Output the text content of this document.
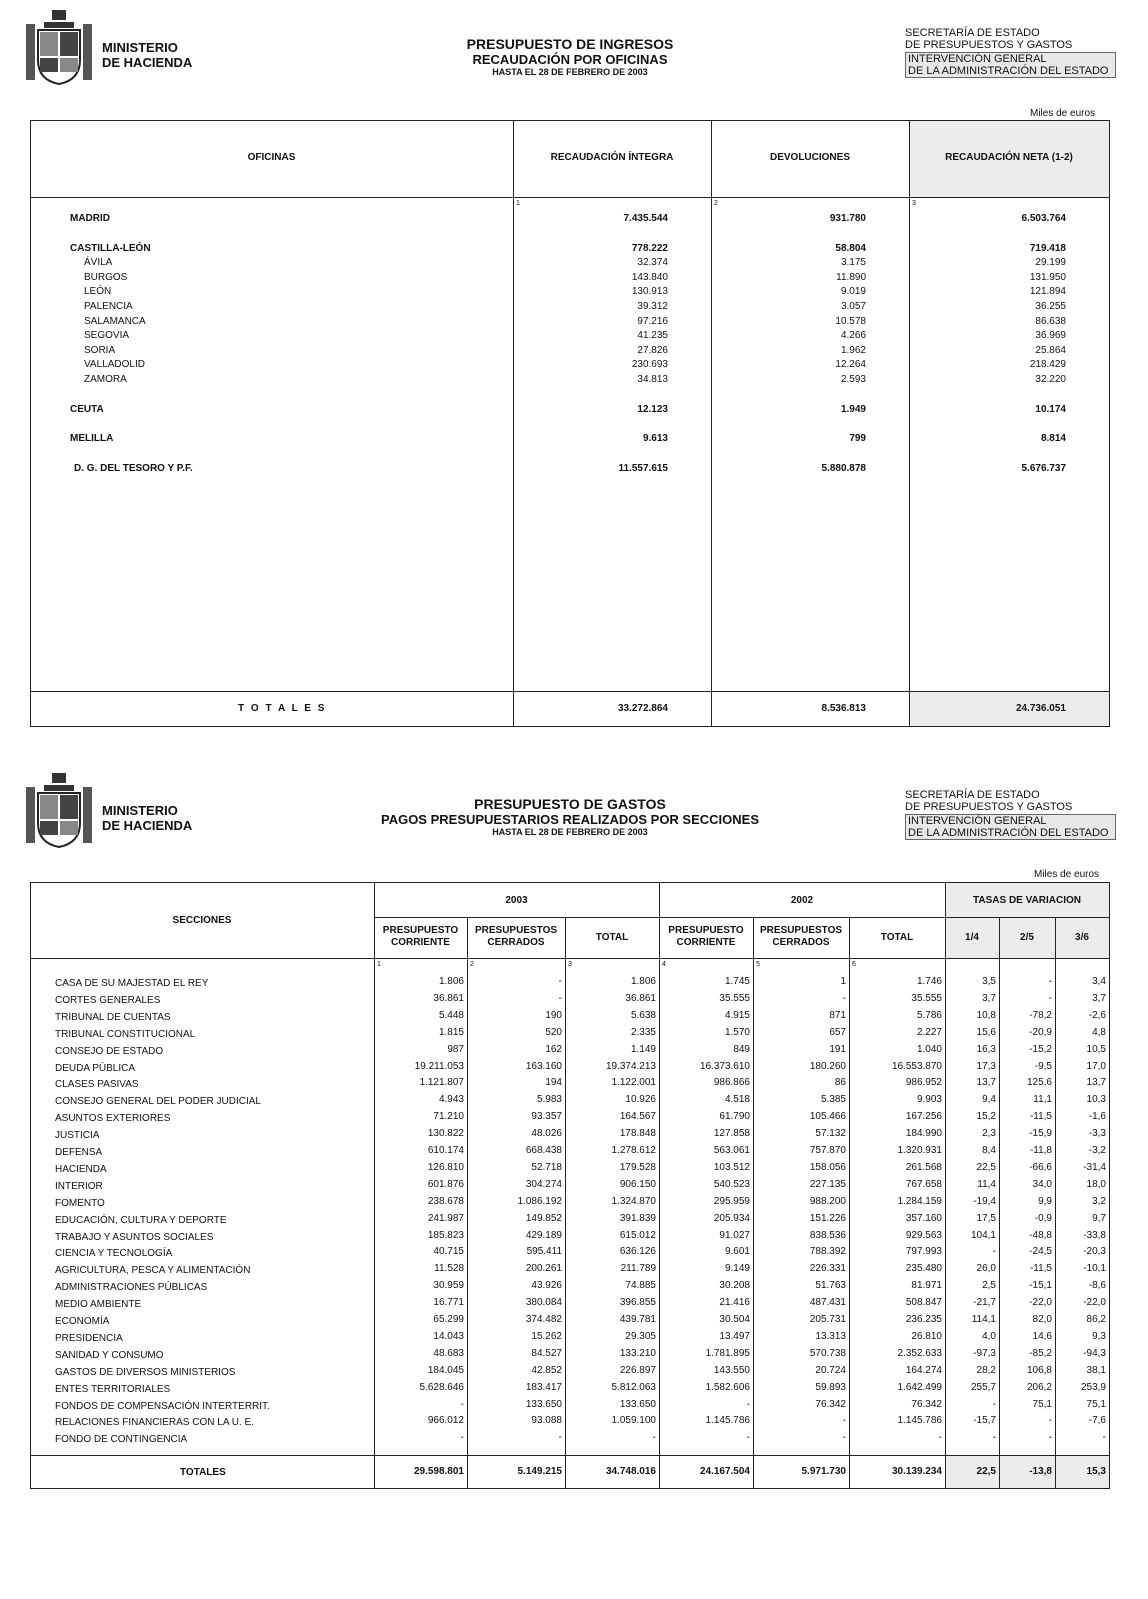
MINISTERIO
DE HACIENDA
PRESUPUESTO DE INGRESOS
RECAUDACIÓN POR OFICINAS
HASTA EL 28 DE FEBRERO DE 2003
SECRETARÍA DE ESTADO
DE PRESUPUESTOS Y GASTOS
INTERVENCIÓN GENERAL
DE LA ADMINISTRACIÓN DEL ESTADO
Miles de euros
OFICINAS	RECAUDACIÓN ÍNTEGRA	DEVOLUCIONES	RECAUDACIÓN NETA (1-2)
1	2	3
MADRID	7.435.544	931.780	6.503.764
CASTILLA-LEÓN	778.222	58.804	719.418
ÁVILA	32.374	3.175	29.199
BURGOS	143.840	11.890	131.950
LEÓN	130.913	9.019	121.894
PALENCIA	39.312	3.057	36.255
SALAMANCA	97.216	10.578	86.638
SEGOVIA	41.235	4.266	36.969
SORIA	27.826	1.962	25.864
VALLADOLID	230.693	12.264	218.429
ZAMORA	34.813	2.593	32.220
CEUTA	12.123	1.949	10.174
MELILLA	9.613	799	8.814
D. G. DEL TESORO Y P.F.	11.557.615	5.880.878	5.676.737
T O T A L E S	33.272.864	8.536.813	24.736.051
MINISTERIO
DE HACIENDA
PRESUPUESTO DE GASTOS
PAGOS PRESUPUESTARIOS REALIZADOS POR SECCIONES
HASTA EL 28 DE FEBRERO DE 2003
SECRETARÍA DE ESTADO
DE PRESUPUESTOS Y GASTOS
INTERVENCIÓN GENERAL
DE LA ADMINISTRACIÓN DEL ESTADO
Miles de euros
SECCIONES
2003	2002	TASAS DE VARIACION
PRESUPUESTO
CORRIENTE
PRESUPUESTOS
CERRADOS	TOTAL
PRESUPUESTO
CORRIENTE
PRESUPUESTOS
CERRADOS	TOTAL	1/4	2/5	3/6
1	2	3	4	5	6
CASA DE SU MAJESTAD EL REY	1.806	-	1.806	1.745	1	1.746	3,5	-	3,4
CORTES GENERALES	36.861	-	36.861	35.555	-	35.555	3,7	-	3,7
TRIBUNAL DE CUENTAS	5.448	190	5.638	4.915	871	5.786	10,8	-78,2	-2,6
TRIBUNAL CONSTITUCIONAL	1.815	520	2.335	1.570	657	2.227	15,6	-20,9	4,8
CONSEJO DE ESTADO	987	162	1.149	849	191	1.040	16,3	-15,2	10,5
DEUDA PÚBLICA	19.211.053	163.160	19.374.213	16.373.610	180.260	16.553.870	17,3	-9,5	17,0
CLASES PASIVAS	1.121.807	194	1.122.001	986.866	86	986.952	13,7	125,6	13,7
CONSEJO GENERAL DEL PODER JUDICIAL	4.943	5.983	10.926	4.518	5.385	9.903	9,4	11,1	10,3
ASUNTOS EXTERIORES	71.210	93.357	164.567	61.790	105.466	167.256	15,2	-11,5	-1,6
JUSTICIA	130.822	48.026	178.848	127.858	57.132	184.990	2,3	-15,9	-3,3
DEFENSA	610.174	668.438	1.278.612	563.061	757.870	1.320.931	8,4	-11,8	-3,2
HACIENDA	126.810	52.718	179.528	103.512	158.056	261.568	22,5	-66,6	-31,4
INTERIOR	601.876	304.274	906.150	540.523	227.135	767.658	11,4	34,0	18,0
FOMENTO	238.678	1.086.192	1.324.870	295.959	988.200	1.284.159	-19,4	9,9	3,2
EDUCACIÓN, CULTURA Y DEPORTE	241.987	149.852	391.839	205.934	151.226	357.160	17,5	-0,9	9,7
TRABAJO Y ASUNTOS SOCIALES	185.823	429.189	615.012	91.027	838.536	929.563	104,1	-48,8	-33,8
CIENCIA Y TECNOLOGÍA	40.715	595.411	636.126	9.601	788.392	797.993	-	-24,5	-20,3
AGRICULTURA, PESCA Y ALIMENTACIÓN	11.528	200.261	211.789	9.149	226.331	235.480	26,0	-11,5	-10,1
ADMINISTRACIONES PÚBLICAS	30.959	43.926	74.885	30.208	51.763	81.971	2,5	-15,1	-8,6
MEDIO AMBIENTE	16.771	380.084	396.855	21.416	487.431	508.847	-21,7	-22,0	-22,0
ECONOMÍA	65.299	374.482	439.781	30.504	205.731	236.235	114,1	82,0	86,2
PRESIDENCIA	14.043	15.262	29.305	13.497	13.313	26.810	4,0	14,6	9,3
SANIDAD Y CONSUMO	48.683	84.527	133.210	1.781.895	570.738	2.352.633	-97,3	-85,2	-94,3
GASTOS DE DIVERSOS MINISTERIOS	184.045	42.852	226.897	143.550	20.724	164.274	28,2	106,8	38,1
ENTES TERRITORIALES	5.628.646	183.417	5.812.063	1.582.606	59.893	1.642.499	255,7	206,2	253,9
FONDOS DE COMPENSACIÓN INTERTERRIT.	-	133.650	133.650	-	76.342	76.342	-	75,1	75,1
RELACIONES FINANCIERAS CON LA U. E.	966.012	93.088	1.059.100	1.145.786	-	1.145.786	-15,7	-	-7,6
FONDO DE CONTINGENCIA	-	-	-	-	-	-	-	-	-
TOTALES	29.598.801	5.149.215	34.748.016	24.167.504	5.971.730	30.139.234	22,5	-13,8	15,3
